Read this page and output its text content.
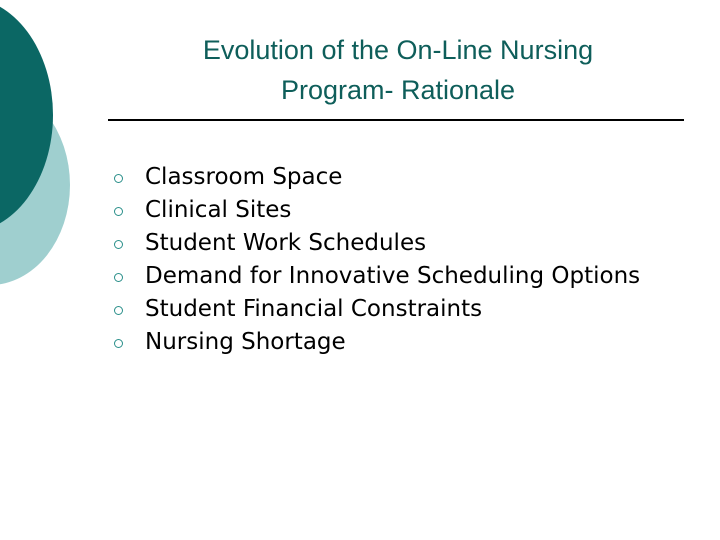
Evolution of the On-Line Nursing
Program- Rationale
Classroom Space
Clinical Sites
Student Work Schedules
Demand for Innovative Scheduling Options
Student Financial Constraints
Nursing Shortage
